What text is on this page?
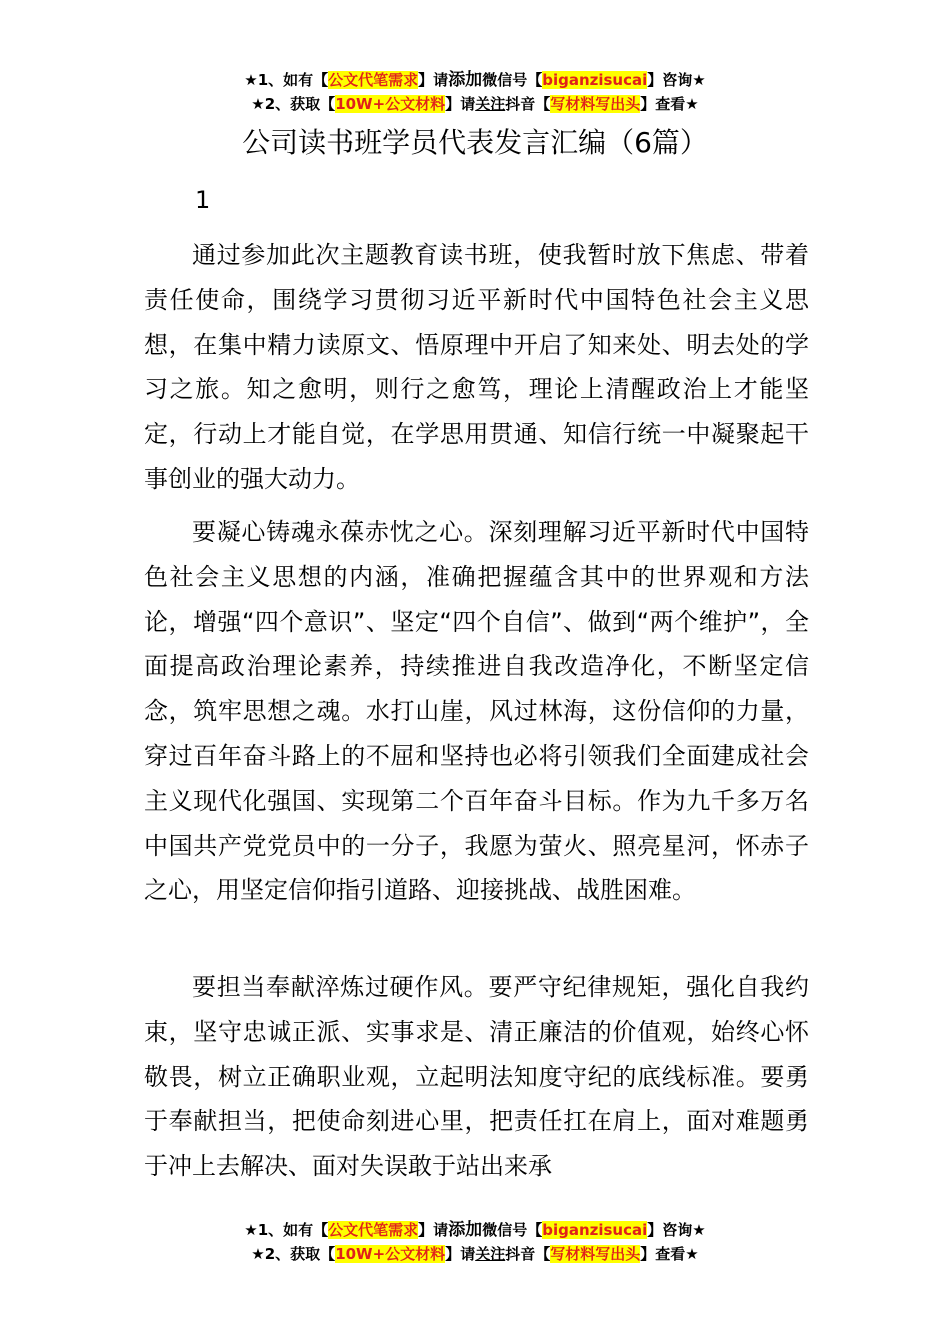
★1、如有【公文代笔需求】请添加微信号【biganzisucai】咨询★
★2、获取【10W+公文材料】请关注抖音【写材料写出头】查看★
公司读书班学员代表发言汇编（6篇）
1

通过参加此次主题教育读书班，使我暂时放下焦虑、带着责任使命，围绕学习贯彻习近平新时代中国特色社会主义思想，在集中精力读原文、悟原理中开启了知来处、明去处的学习之旅。知之愈明，则行之愈笃，理论上清醒政治上才能坚定，行动上才能自觉，在学思用贯通、知信行统一中凝聚起干事创业的强大动力。

要凝心铸魂永葆赤忱之心。深刻理解习近平新时代中国特色社会主义思想的内涵，准确把握蕴含其中的世界观和方法论，增强“四个意识”、坚定“四个自信”、做到“两个维护”，全面提高政治理论素养，持续推进自我改造净化，不断坚定信念，筑牢思想之魂。水打山崖，风过林海，这份信仰的力量，穿过百年奋斗路上的不屈和坚持也必将引领我们全面建成社会主义现代化强国、实现第二个百年奋斗目标。作为九千多万名中国共产党党员中的一分子，我愿为萤火、照亮星河，怀赤子之心，用坚定信仰指引道路、迎接挑战、战胜困难。

要担当奉献淬炼过硬作风。要严守纪律规矩，强化自我约束，坚守忠诚正派、实事求是、清正廉洁的价值观，始终心怀敬畏，树立正确职业观，立起明法知度守纪的底线标准。要勇于奉献担当，把使命刻进心里，把责任扛在肩上，面对难题勇于冲上去解决、面对失误敢于站出来承

★1、如有【公文代笔需求】请添加微信号【biganzisucai】咨询★
★2、获取【10W+公文材料】请关注抖音【写材料写出头】查看★
